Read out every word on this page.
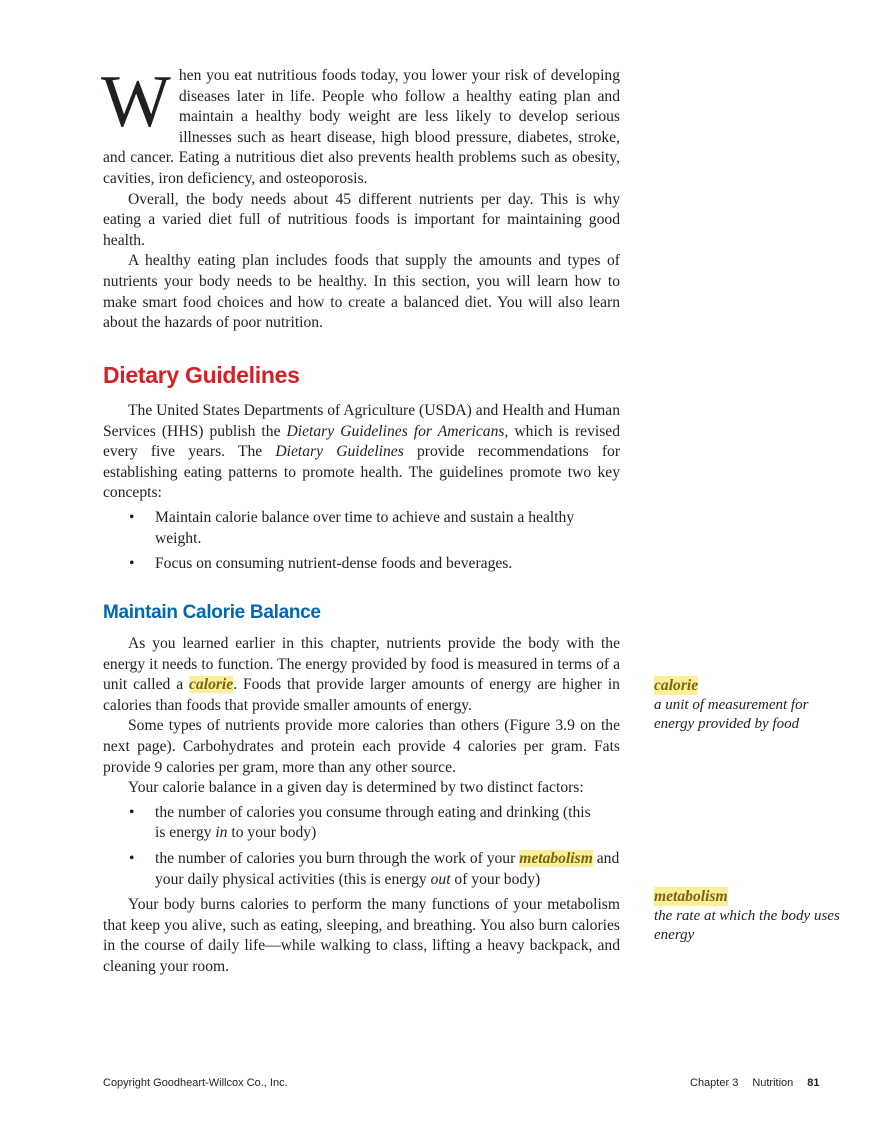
When you eat nutritious foods today, you lower your risk of developing diseases later in life. People who follow a healthy eating plan and maintain a healthy body weight are less likely to develop serious illnesses such as heart disease, high blood pressure, diabetes, stroke, and cancer. Eating a nutritious diet also prevents health problems such as obesity, cavities, iron deficiency, and osteoporosis.

Overall, the body needs about 45 different nutrients per day. This is why eating a varied diet full of nutritious foods is important for maintaining good health.

A healthy eating plan includes foods that supply the amounts and types of nutrients your body needs to be healthy. In this section, you will learn how to make smart food choices and how to create a balanced diet. You will also learn about the hazards of poor nutrition.

Dietary Guidelines

The United States Departments of Agriculture (USDA) and Health and Human Services (HHS) publish the Dietary Guidelines for Americans, which is revised every five years. The Dietary Guidelines provide recommendations for establishing eating patterns to promote health. The guidelines promote two key concepts:

• Maintain calorie balance over time to achieve and sustain a healthy weight.
• Focus on consuming nutrient-dense foods and beverages.
Maintain Calorie Balance

As you learned earlier in this chapter, nutrients provide the body with the energy it needs to function. The energy provided by food is measured in terms of a unit called a calorie. Foods that provide larger amounts of energy are higher in calories than foods that provide smaller amounts of energy.

Some types of nutrients provide more calories than others (Figure 3.9 on the next page). Carbohydrates and protein each provide 4 calories per gram. Fats provide 9 calories per gram, more than any other source.

Your calorie balance in a given day is determined by two distinct factors:

• the number of calories you consume through eating and drinking (this is energy in to your body)
• the number of calories you burn through the work of your metabolism and your daily physical activities (this is energy out of your body)

Your body burns calories to perform the many functions of your metabolism that keep you alive, such as eating, sleeping, and breathing. You also burn calories in the course of daily life—while walking to class, lifting a heavy backpack, and cleaning your room.

calorie
a unit of measurement for energy provided by food
metabolism
the rate at which the body uses energy
Copyright Goodheart-Willcox Co., Inc.	Chapter 3 Nutrition 81
